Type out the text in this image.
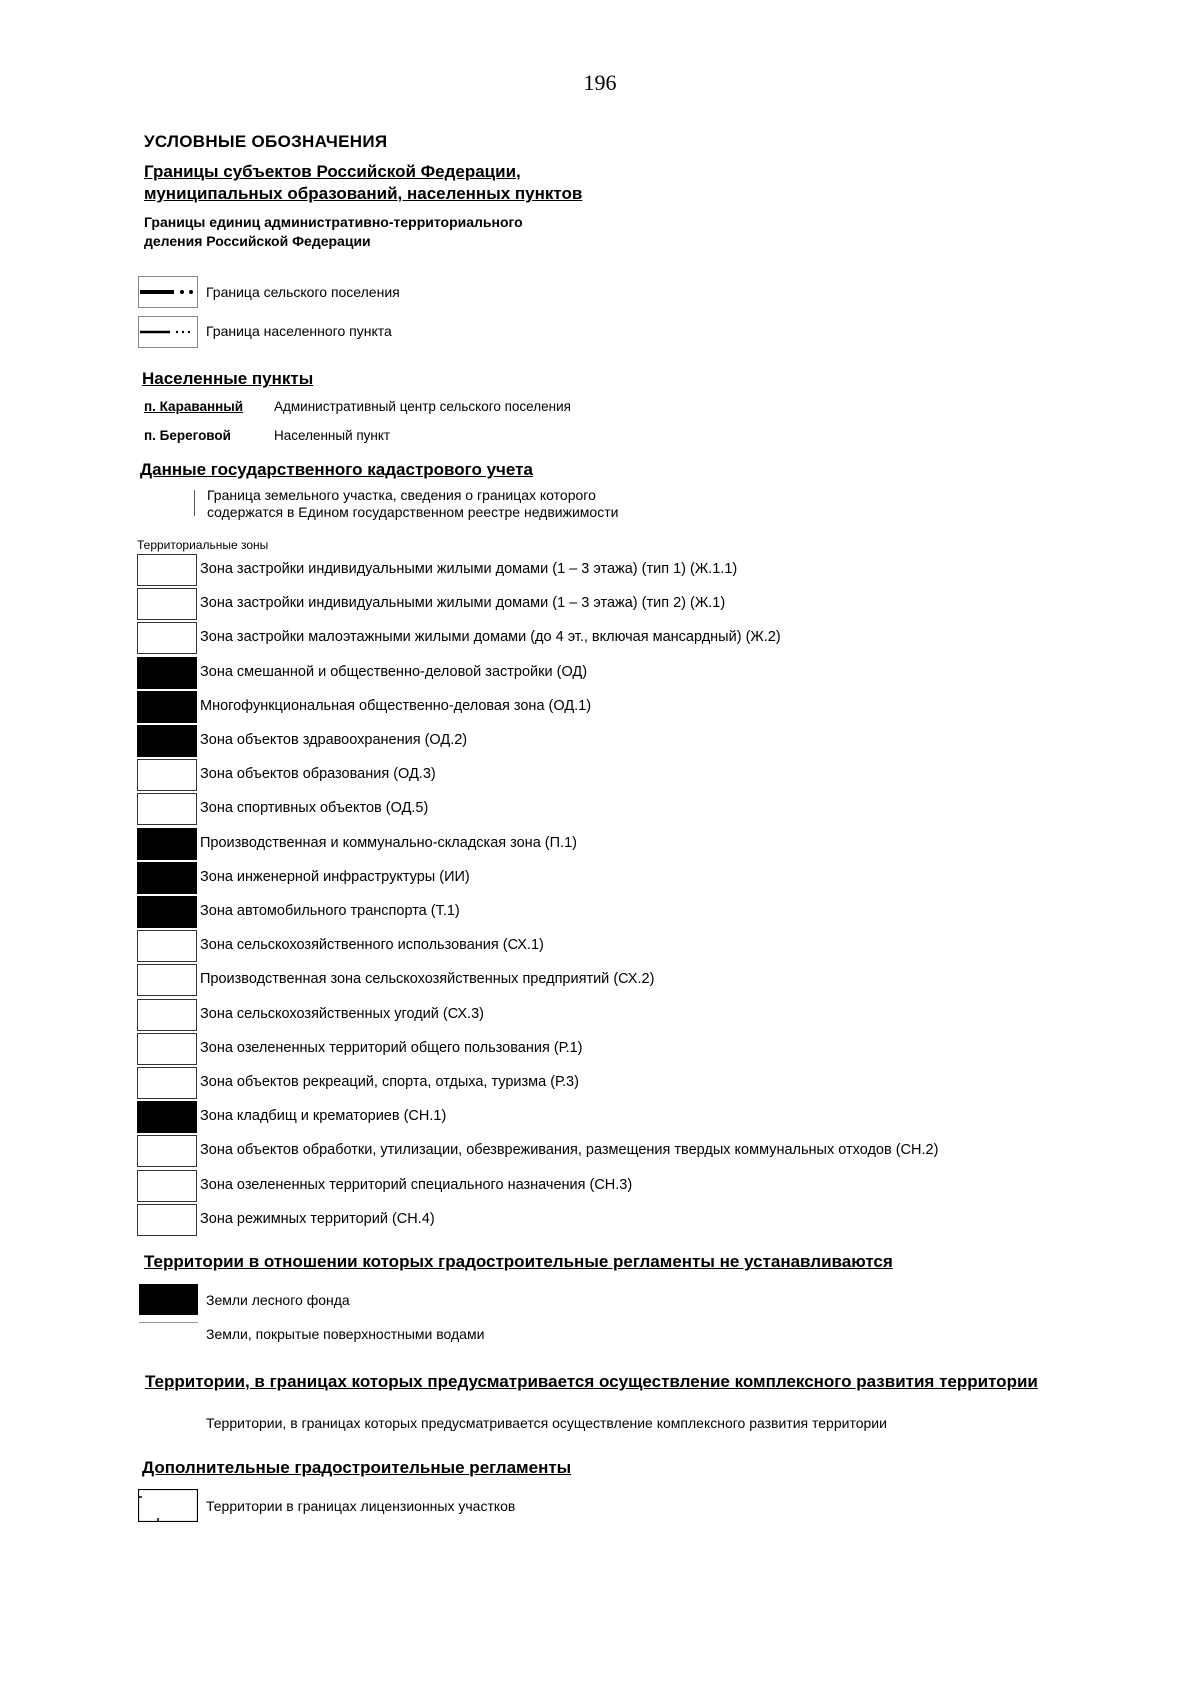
196
УСЛОВНЫЕ ОБОЗНАЧЕНИЯ
Границы субъектов Российской Федерации,
муниципальных образований, населенных пунктов
Границы единиц административно-территориального
деления Российской Федерации
Граница сельского поселения
Граница населенного пункта
Населенные пункты
п. Караванный Административный центр сельского поселения
п. Береговой	Населенный пункт
Данные государственного кадастрового учета
Граница земельного участка, сведения о границах которого
содержатся в Едином государственном реестре недвижимости
Территориальные зоны
Зона застройки индивидуальными жилыми домами (1 – 3 этажа) (тип 1) (Ж.1.1)
Зона застройки индивидуальными жилыми домами (1 – 3 этажа) (тип 2) (Ж.1)
Зона застройки малоэтажными жилыми домами (до 4 эт., включая мансардный) (Ж.2)
Зона смешанной и общественно-деловой застройки (ОД)
Многофункциональная общественно-деловая зона (ОД.1)
Зона объектов здравоохранения (ОД.2)
Зона объектов образования (ОД.3)
Зона спортивных объектов (ОД.5)
Производственная и коммунально-складская зона (П.1)
Зона инженерной инфраструктуры (ИИ)
Зона автомобильного транспорта (Т.1)
Зона сельскохозяйственного использования (СХ.1)
Производственная зона сельскохозяйственных предприятий (СХ.2)
Зона сельскохозяйственных угодий (СХ.3)
Зона озелененных территорий общего пользования (Р.1)
Зона объектов рекреаций, спорта, отдыха, туризма (Р.3)
Зона кладбищ и крематориев (СН.1)
Зона объектов обработки, утилизации, обезвреживания, размещения твердых коммунальных отходов (СН.2)
Зона озелененных территорий специального назначения (СН.3)
Зона режимных территорий (СН.4)
Территории в отношении которых градостроительные регламенты не устанавливаются
Земли лесного фонда
Земли, покрытые поверхностными водами
Территории, в границах которых предусматривается осуществление комплексного развития территории
Территории, в границах которых предусматривается осуществление комплексного развития территории
Дополнительные градостроительные регламенты
Территории в границах лицензионных участков
